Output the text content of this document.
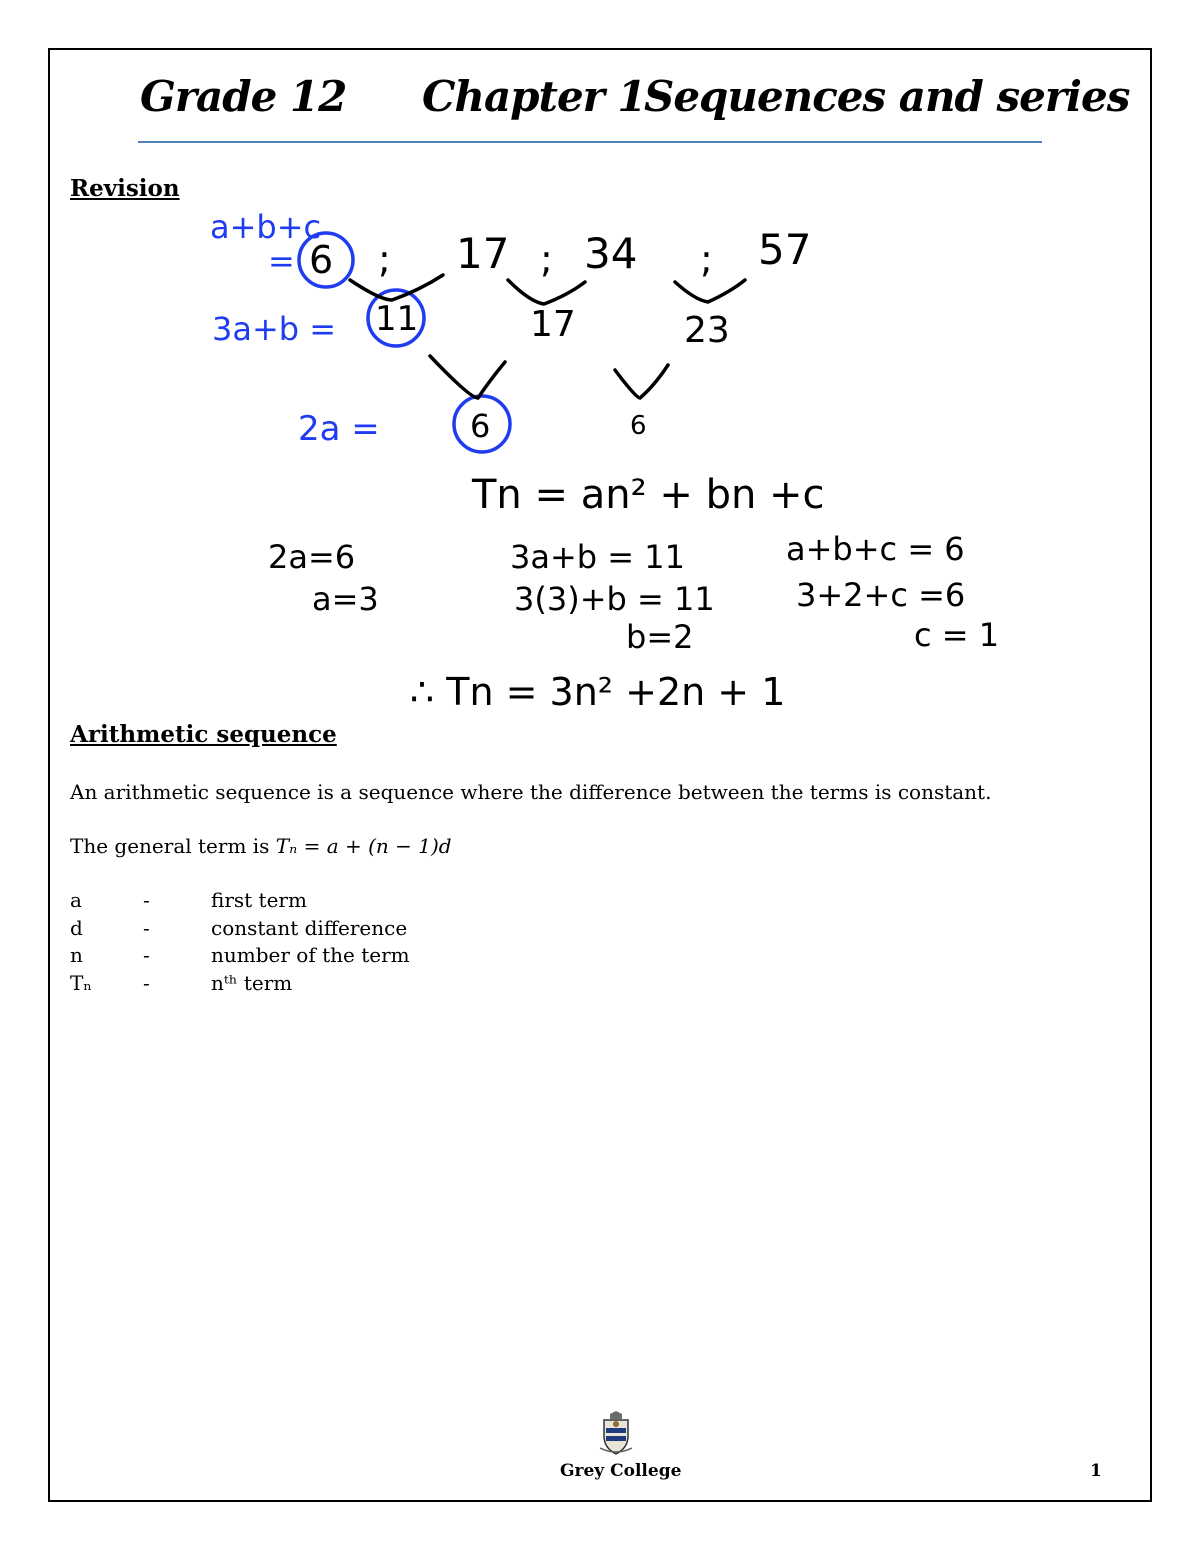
Grade 12 Chapter 1
Sequences and series
Revision
a+b+c
=
3a+b =
2a =
6 ; 17 ; 34 ; 57
11	17	23
6	6
Tn = an² + bn +c
2a=6
a=3
3a+b = 11
3(3)+b = 11
b=2
a+b+c = 6
3+2+c =6
c = 1
∴ Tn = 3n² +2n + 1
Arithmetic sequence
An arithmetic sequence is a sequence where the difference between the terms is constant.
The general term is Tₙ = a + (n − 1)d
a	-	first term
d	-	constant difference
n	-	number of the term
Tₙ	-	nᵗʰ term
Grey College	1
